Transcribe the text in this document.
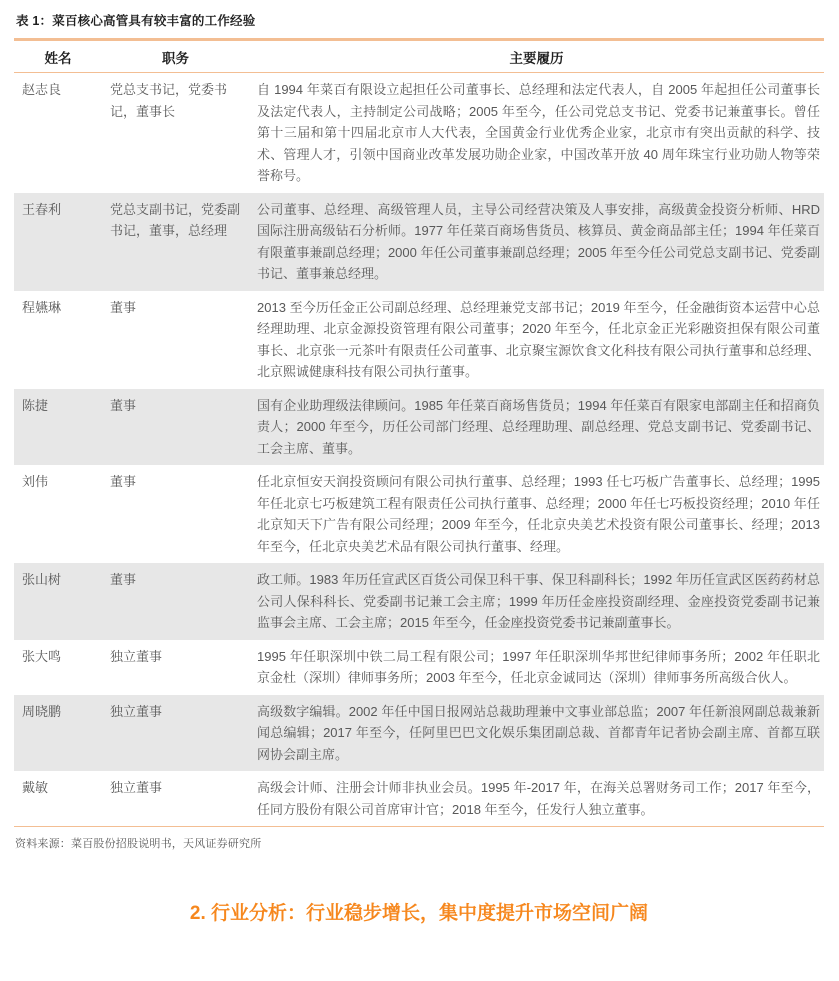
表 1：菜百核心高管具有较丰富的工作经验
姓名	职务	主要履历
赵志良	党总支书记，党委书记，董事长	自 1994 年菜百有限设立起担任公司董事长、总经理和法定代表人，自 2005 年起担任公司董事长及法定代表人，主持制定公司战略；2005 年至今，任公司党总支书记、党委书记兼董事长。曾任第十三届和第十四届北京市人大代表，全国黄金行业优秀企业家，北京市有突出贡献的科学、技术、管理人才，引领中国商业改革发展功勋企业家，中国改革开放 40 周年珠宝行业功勋人物等荣誉称号。
王春利	党总支副书记，党委副书记，董事，总经理	公司董事、总经理、高级管理人员，主导公司经营决策及人事安排，高级黄金投资分析师、HRD 国际注册高级钻石分析师。1977 年任菜百商场售货员、核算员、黄金商品部主任；1994 年任菜百有限董事兼副总经理；2000 年任公司董事兼副总经理；2005 年至今任公司党总支副书记、党委副书记、董事兼总经理。
程嬿琳	董事	2013 至今历任金正公司副总经理、总经理兼党支部书记；2019 年至今，任金融街资本运营中心总经理助理、北京金源投资管理有限公司董事；2020 年至今，任北京金正光彩融资担保有限公司董事长、北京张一元茶叶有限责任公司董事、北京聚宝源饮食文化科技有限公司执行董事和总经理、北京熙诚健康科技有限公司执行董事。
陈捷	董事	国有企业助理级法律顾问。1985 年任菜百商场售货员；1994 年任菜百有限家电部副主任和招商负责人；2000 年至今，历任公司部门经理、总经理助理、副总经理、党总支副书记、党委副书记、工会主席、董事。
刘伟	董事	任北京恒安天润投资顾问有限公司执行董事、总经理；1993 任七巧板广告董事长、总经理；1995 年任北京七巧板建筑工程有限责任公司执行董事、总经理；2000 年任七巧板投资经理；2010 年任北京知天下广告有限公司经理；2009 年至今，任北京央美艺术投资有限公司董事长、经理；2013 年至今，任北京央美艺术品有限公司执行董事、经理。
张山树	董事	政工师。1983 年历任宣武区百货公司保卫科干事、保卫科副科长；1992 年历任宣武区医药药材总公司人保科科长、党委副书记兼工会主席；1999 年历任金座投资副经理、金座投资党委副书记兼监事会主席、工会主席；2015 年至今，任金座投资党委书记兼副董事长。
张大鸣	独立董事	1995 年任职深圳中铁二局工程有限公司；1997 年任职深圳华邦世纪律师事务所；2002 年任职北京金杜（深圳）律师事务所；2003 年至今，任北京金诚同达（深圳）律师事务所高级合伙人。
周晓鹏	独立董事	高级数字编辑。2002 年任中国日报网站总裁助理兼中文事业部总监；2007 年任新浪网副总裁兼新闻总编辑；2017 年至今，任阿里巴巴文化娱乐集团副总裁、首都青年记者协会副主席、首都互联网协会副主席。
戴敏	独立董事	高级会计师、注册会计师非执业会员。1995 年-2017 年，在海关总署财务司工作；2017 年至今，任同方股份有限公司首席审计官；2018 年至今，任发行人独立董事。
资料来源：菜百股份招股说明书，天风证券研究所
2. 行业分析：行业稳步增长，集中度提升市场空间广阔
